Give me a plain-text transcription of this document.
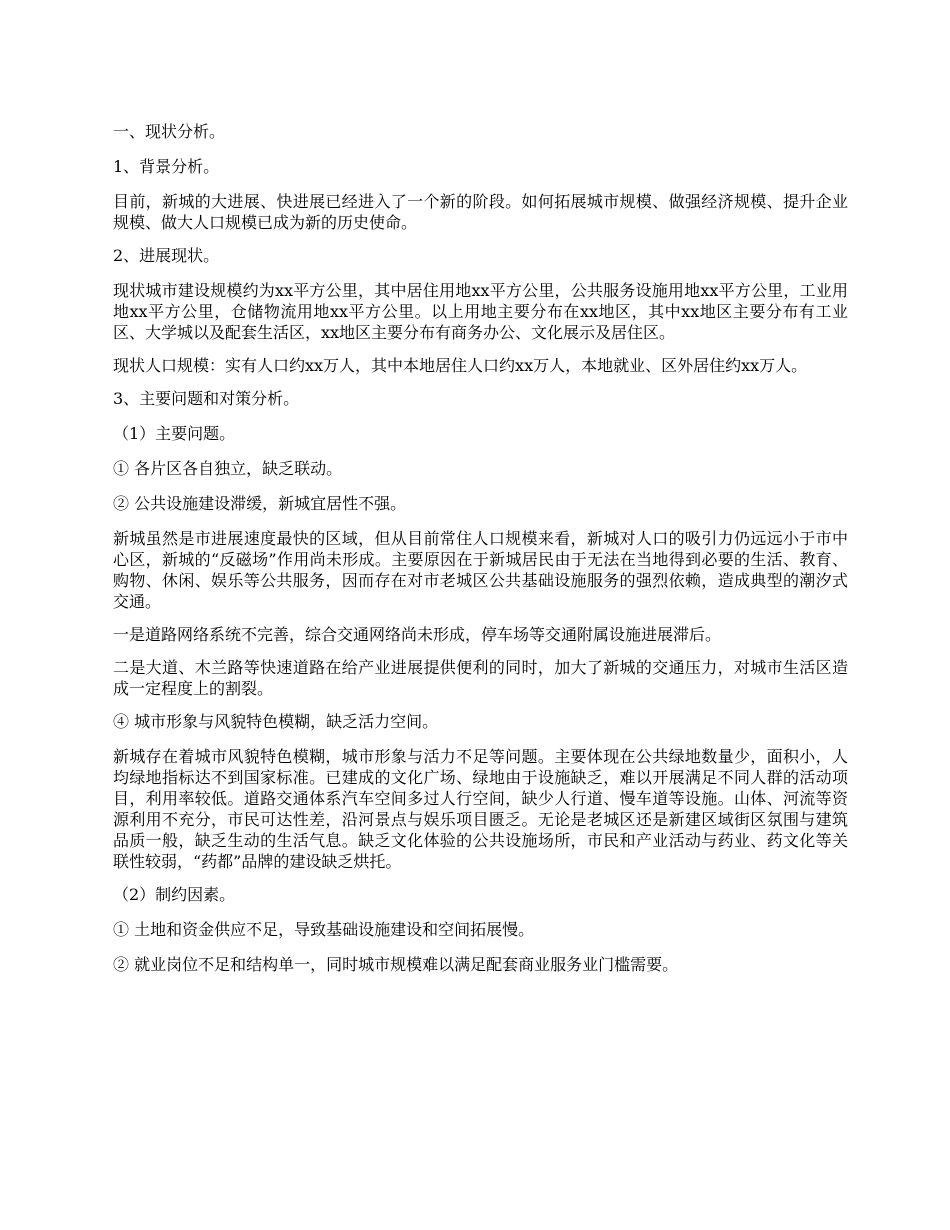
一、现状分析。

1、背景分析。

目前，新城的大进展、快进展已经进入了一个新的阶段。如何拓展城市规模、做强经济规模、提升企业规模、做大人口规模已成为新的历史使命。

2、进展现状。

现状城市建设规模约为xx平方公里，其中居住用地xx平方公里，公共服务设施用地xx平方公里，工业用地xx平方公里，仓储物流用地xx平方公里。以上用地主要分布在xx地区，其中xx地区主要分布有工业区、大学城以及配套生活区，xx地区主要分布有商务办公、文化展示及居住区。

现状人口规模：实有人口约xx万人，其中本地居住人口约xx万人，本地就业、区外居住约xx万人。

3、主要问题和对策分析。

（1）主要问题。

① 各片区各自独立，缺乏联动。

② 公共设施建设滞缓，新城宜居性不强。

新城虽然是市进展速度最快的区域，但从目前常住人口规模来看，新城对人口的吸引力仍远远小于市中心区，新城的“反磁场”作用尚未形成。主要原因在于新城居民由于无法在当地得到必要的生活、教育、购物、休闲、娱乐等公共服务，因而存在对市老城区公共基础设施服务的强烈依赖，造成典型的潮汐式交通。

一是道路网络系统不完善，综合交通网络尚未形成，停车场等交通附属设施进展滞后。

二是大道、木兰路等快速道路在给产业进展提供便利的同时，加大了新城的交通压力，对城市生活区造成一定程度上的割裂。

④ 城市形象与风貌特色模糊，缺乏活力空间。

新城存在着城市风貌特色模糊，城市形象与活力不足等问题。主要体现在公共绿地数量少，面积小，人均绿地指标达不到国家标准。已建成的文化广场、绿地由于设施缺乏，难以开展满足不同人群的活动项目，利用率较低。道路交通体系汽车空间多过人行空间，缺少人行道、慢车道等设施。山体、河流等资源利用不充分，市民可达性差，沿河景点与娱乐项目匮乏。无论是老城区还是新建区域街区氛围与建筑品质一般，缺乏生动的生活气息。缺乏文化体验的公共设施场所，市民和产业活动与药业、药文化等关联性较弱，“药都”品牌的建设缺乏烘托。

（2）制约因素。

① 土地和资金供应不足，导致基础设施建设和空间拓展慢。

② 就业岗位不足和结构单一，同时城市规模难以满足配套商业服务业门槛需要。
